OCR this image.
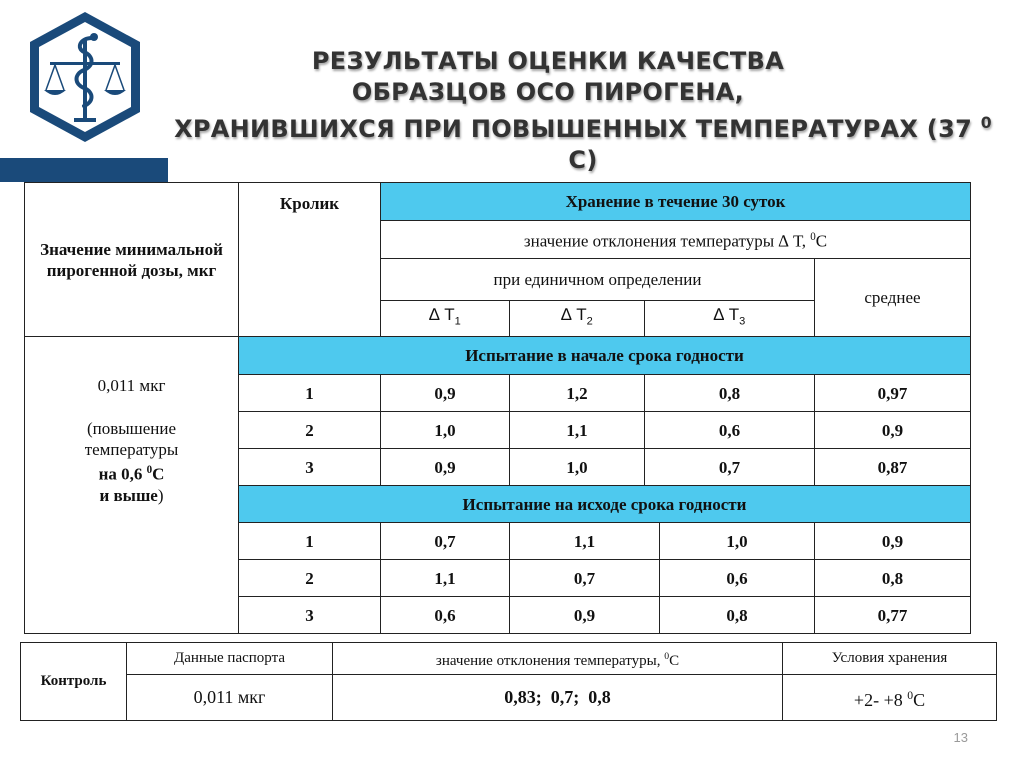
РЕЗУЛЬТАТЫ ОЦЕНКИ КАЧЕСТВА
ОБРАЗЦОВ ОСО ПИРОГЕНА,
ХРАНИВШИХСЯ ПРИ ПОВЫШЕННЫХ ТЕМПЕРАТУРАХ (37 $^0$ С)
Значение минимальной пирогенной дозы, мкг	Кролик	Хранение в течение 30 суток				
		значение отклонения температуры ∆ Т, $^0$С				
		при единичном определении				среднее
		∆ $Т_1$	∆ $Т_2$	∆ $Т_3$

0,011 мкг
(повышение
температуры
на 0,6 $^0$С
и выше)	Испытание в начале срока годности					
	1	0,9	1,2	0,8		0,97
	2	1,0	1,1	0,6		0,9
	3	0,9	1,0	0,7		0,87
	Испытание на исходе срока годности					
	1	0,7	1,1		1,0	0,9
	2	1,1	0,7		0,6	0,8
	3	0,6	0,9		0,8	0,77
Контроль	Данные паспорта	значение отклонения температуры, $^0$С	Условия хранения
	0,011 мкг	0,83;  0,7;  0,8	+2- +8 $^0$С
13
